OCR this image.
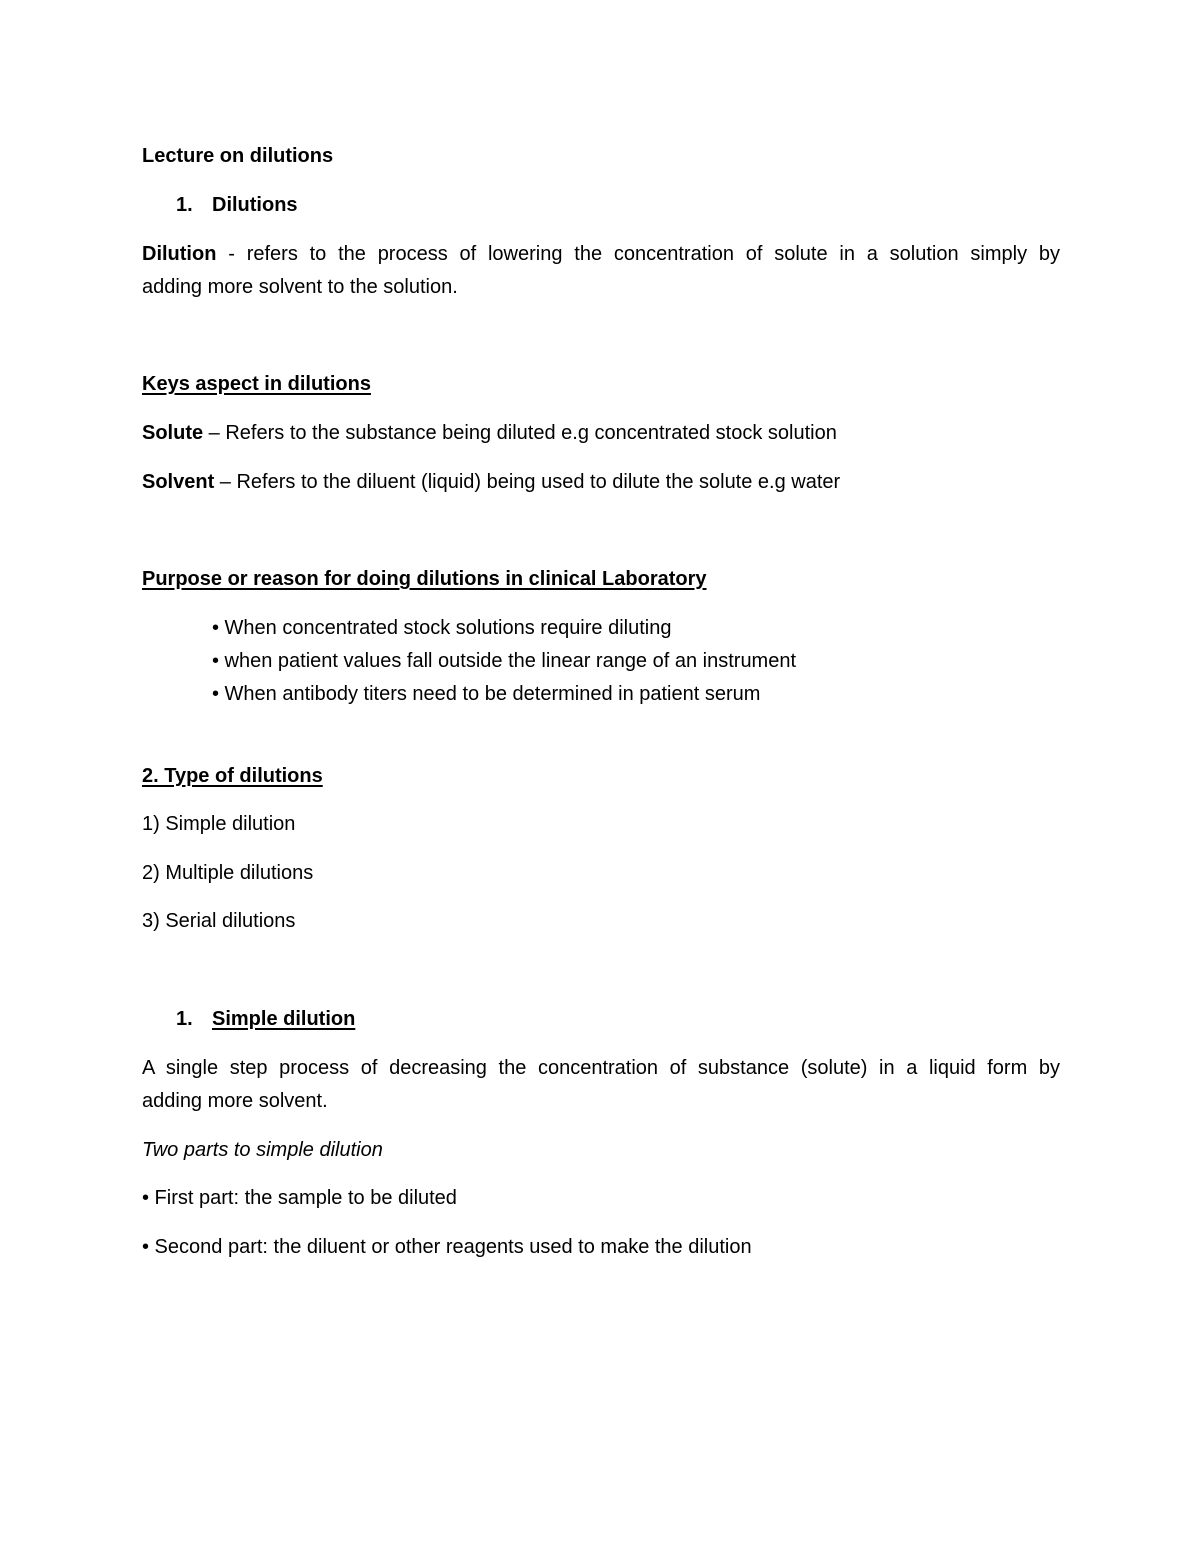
Lecture on dilutions
1. Dilutions
Dilution - refers to the process of lowering the concentration of solute in a solution simply by
adding more solvent to the solution.
Keys aspect in dilutions
Solute – Refers to the substance being diluted e.g concentrated stock solution
Solvent – Refers to the diluent (liquid) being used to dilute the solute e.g water
Purpose or reason for doing dilutions in clinical Laboratory
• When concentrated stock solutions require diluting
• when patient values fall outside the linear range of an instrument
• When antibody titers need to be determined in patient serum
2. Type of dilutions
1) Simple dilution
2) Multiple dilutions
3) Serial dilutions
1. Simple dilution
A single step process of decreasing the concentration of substance (solute) in a liquid form by
adding more solvent.
Two parts to simple dilution
• First part: the sample to be diluted
• Second part: the diluent or other reagents used to make the dilution
